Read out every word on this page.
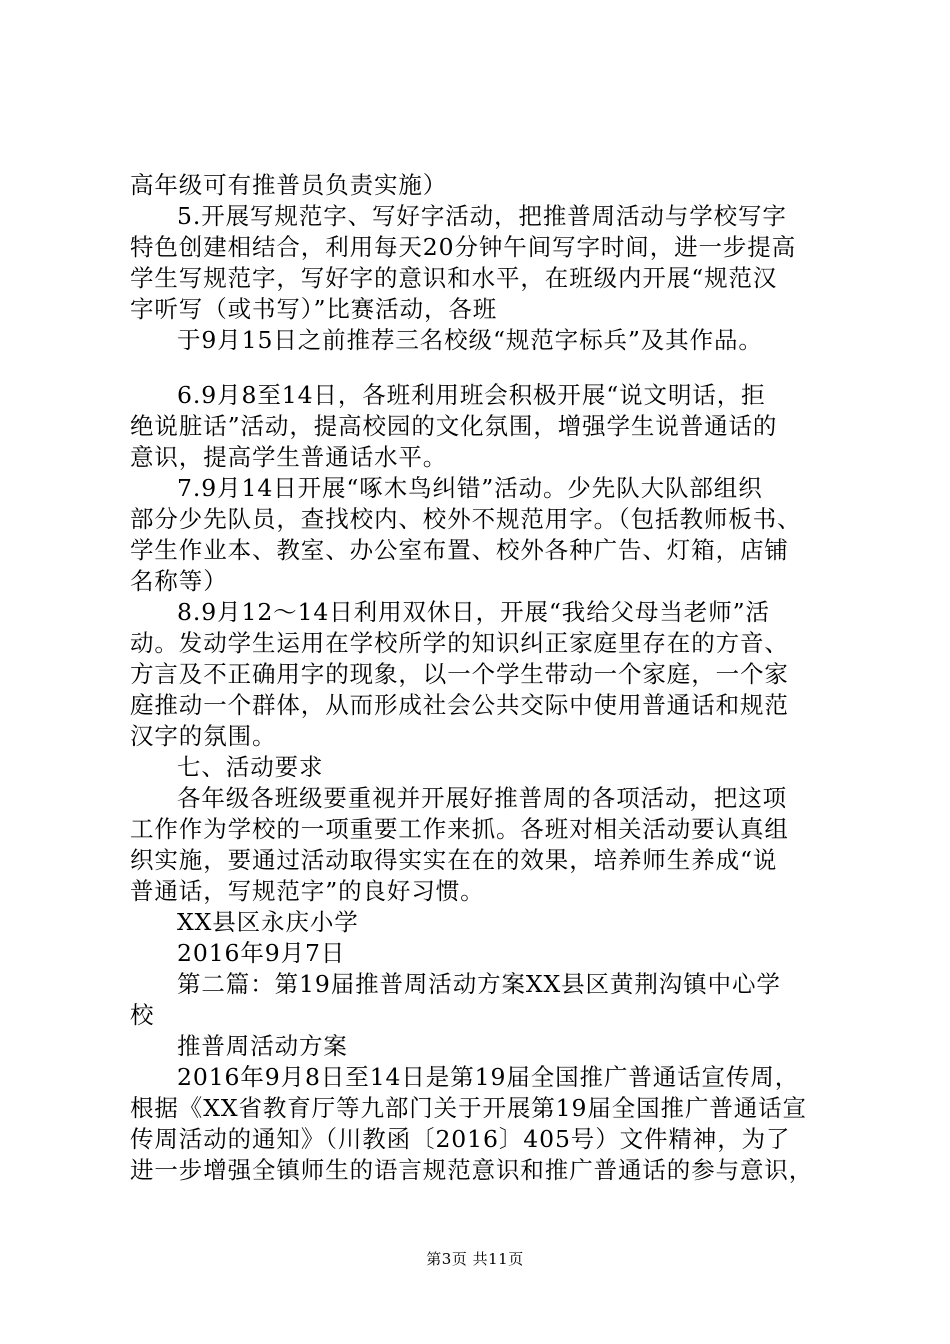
高年级可有推普员负责实施）
5.开展写规范字、写好字活动，把推普周活动与学校写字
特色创建相结合，利用每天20分钟午间写字时间，进一步提高
学生写规范字，写好字的意识和水平，在班级内开展“规范汉
字听写（或书写）”比赛活动，各班
于9月15日之前推荐三名校级“规范字标兵”及其作品。
6.9月8至14日，各班利用班会积极开展“说文明话，拒
绝说脏话”活动，提高校园的文化氛围，增强学生说普通话的
意识，提高学生普通话水平。
7.9月14日开展“啄木鸟纠错”活动。少先队大队部组织
部分少先队员，查找校内、校外不规范用字。（包括教师板书、
学生作业本、教室、办公室布置、校外各种广告、灯箱，店铺
名称等）
8.9月12～14日利用双休日，开展“我给父母当老师”活
动。发动学生运用在学校所学的知识纠正家庭里存在的方音、
方言及不正确用字的现象，以一个学生带动一个家庭，一个家
庭推动一个群体，从而形成社会公共交际中使用普通话和规范
汉字的氛围。
七、活动要求
各年级各班级要重视并开展好推普周的各项活动，把这项
工作作为学校的一项重要工作来抓。各班对相关活动要认真组
织实施，要通过活动取得实实在在的效果，培养师生养成“说
普通话，写规范字”的良好习惯。
XX县区永庆小学
2016年9月7日
第二篇：第19届推普周活动方案XX县区黄荆沟镇中心学
校
推普周活动方案
2016年9月8日至14日是第19届全国推广普通话宣传周，
根据《XX省教育厅等九部门关于开展第19届全国推广普通话宣
传周活动的通知》（川教函〔2016〕405号）文件精神，为了
进一步增强全镇师生的语言规范意识和推广普通话的参与意识，
第3页 共11页
